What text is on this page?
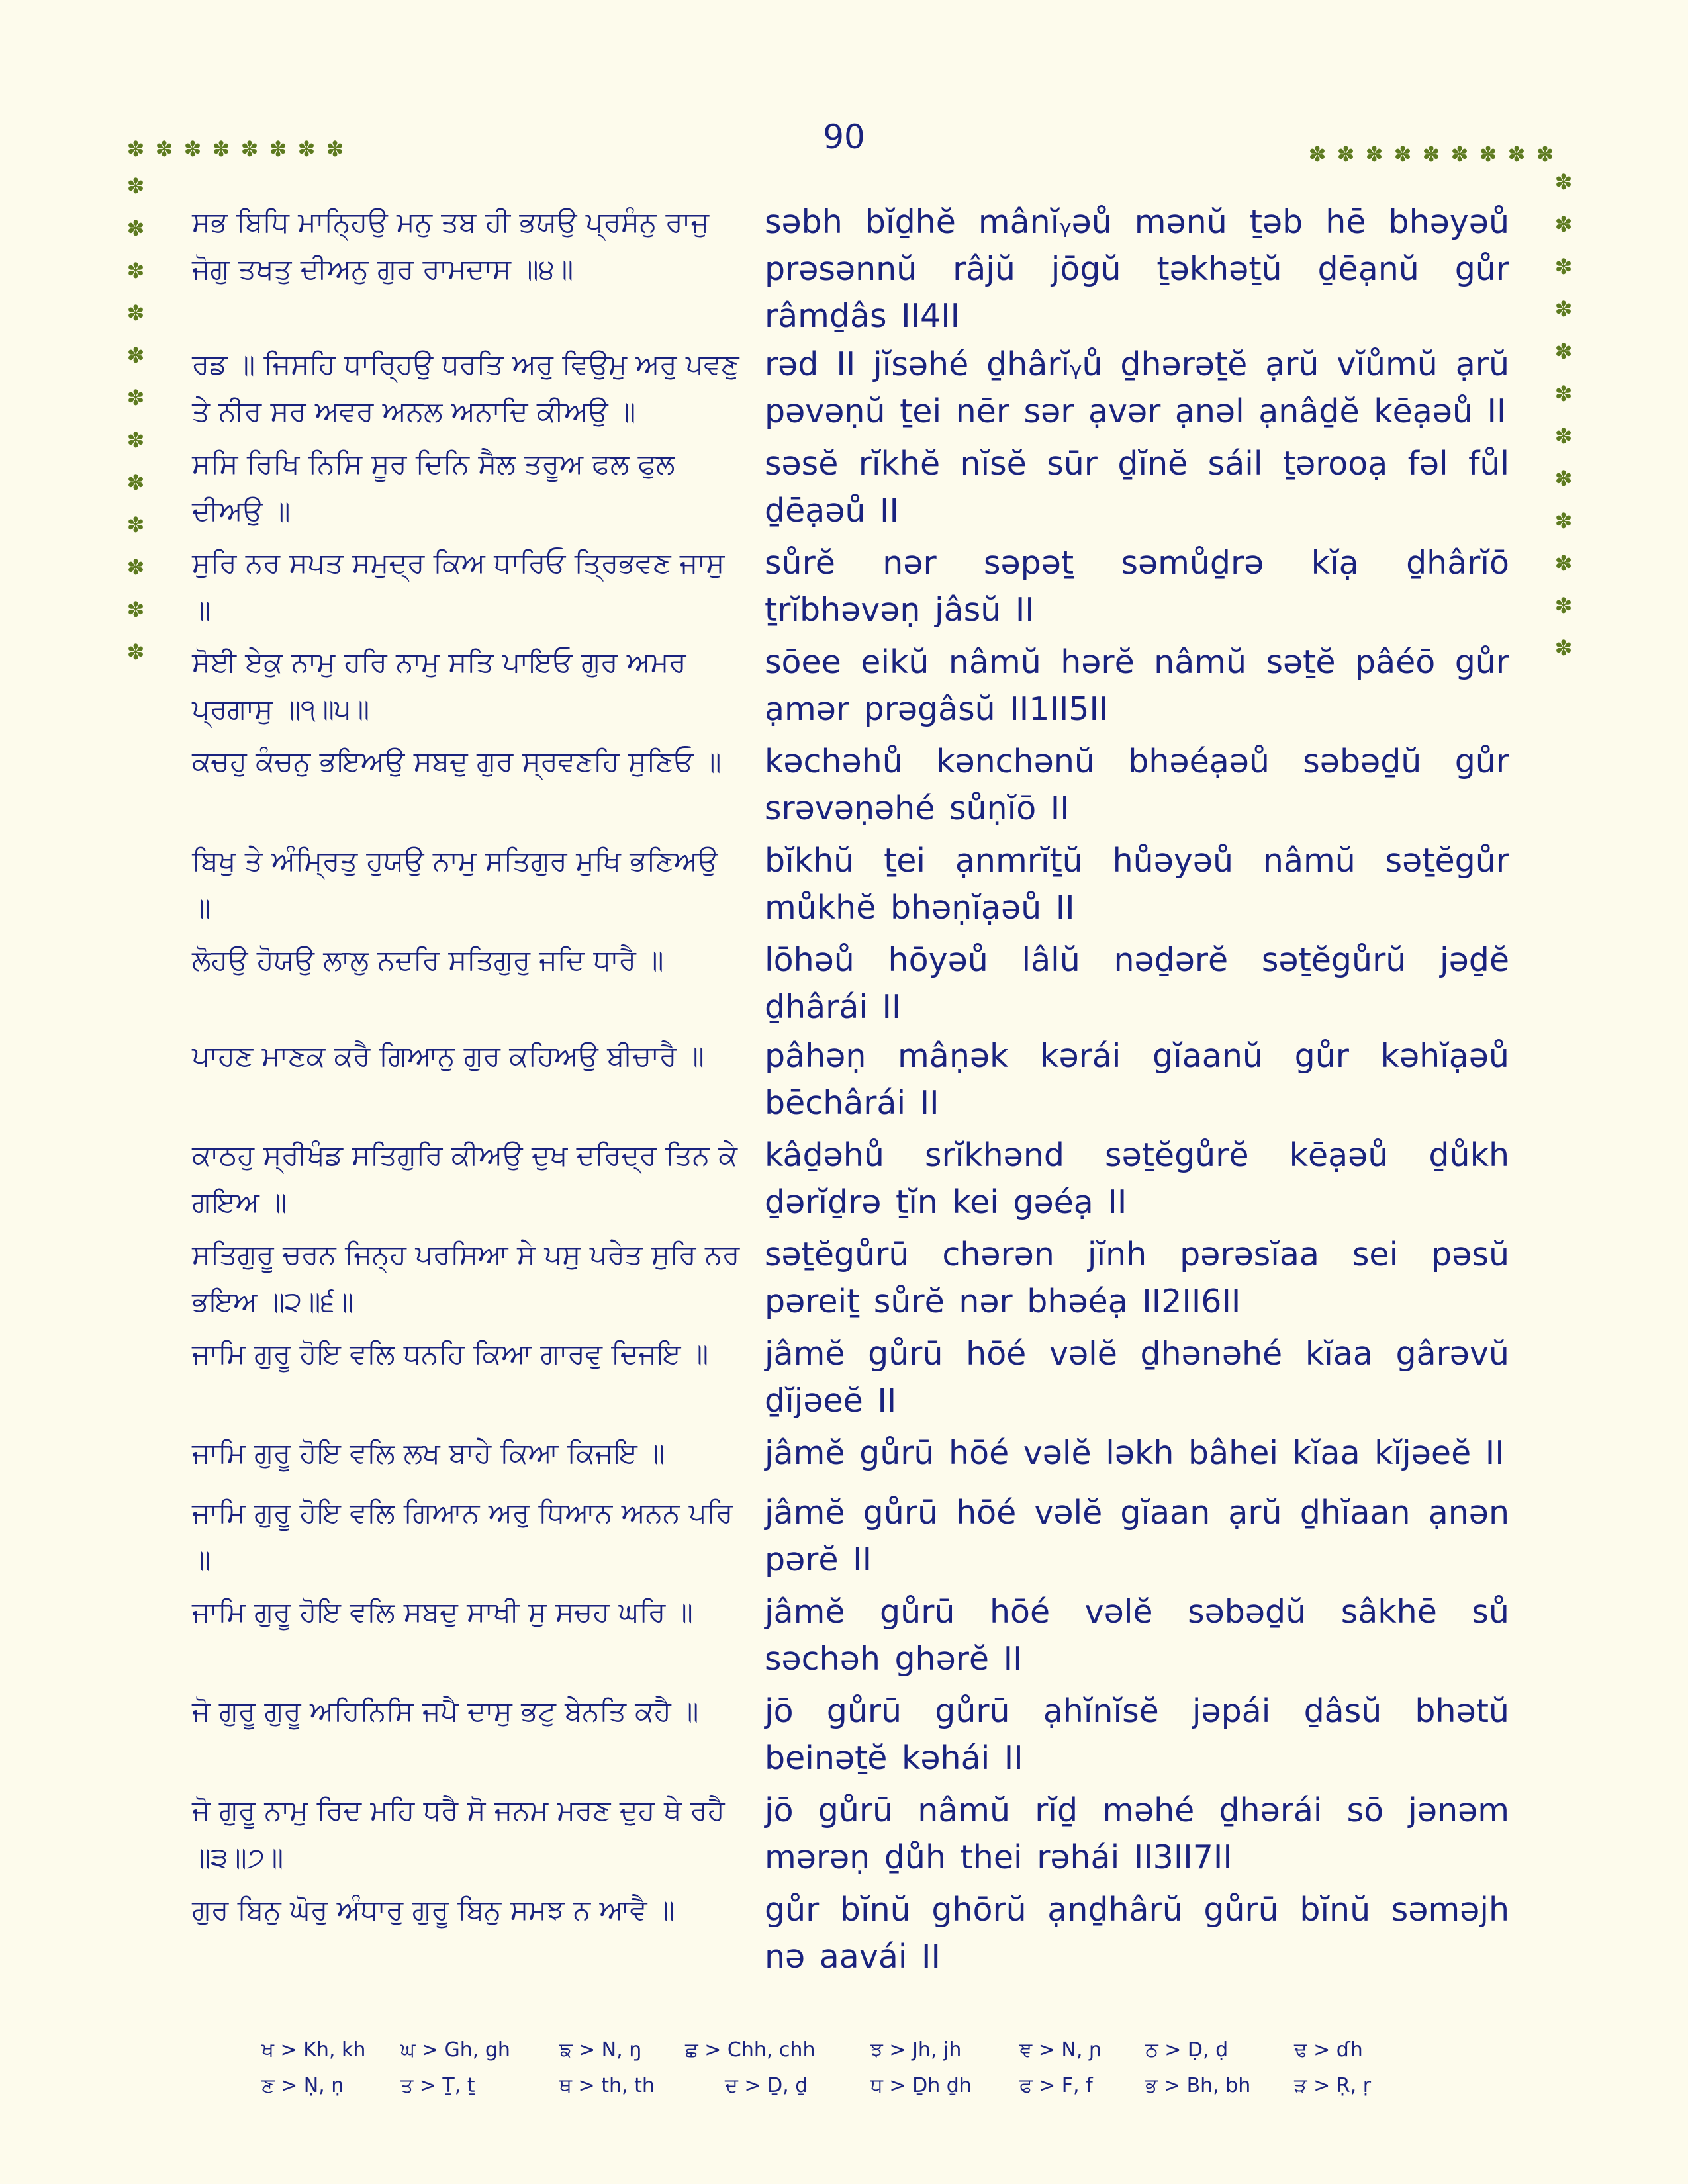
90
✽ ✽ ✽ ✽ ✽ ✽ ✽ ✽	✽ ✽ ✽ ✽ ✽ ✽ ✽ ✽ ✽
✽
✽
✽
✽
✽
✽
✽
✽
✽
✽
✽
✽
✽
✽
✽
✽
✽
✽
✽
✽
✽
✽
✽
✽
ਸਭ ਬਿਧਿ ਮਾਨ੍ਹਿਉ ਮਨੁ ਤਬ ਹੀ ਭਯਉ ਪ੍ਰਸੰਨੁ ਰਾਜੁ ਜੋਗੁ ਤਖਤੁ ਦੀਅਨੁ ਗੁਰ ਰਾਮਦਾਸ ॥੪॥
səbh bĭḏhĕ mânĭᵧəů mənŭ ṯəb hē bhəyəů prəsənnŭ râjŭ jōgŭ ṯəkhəṯŭ ḏēạnŭ gůr râmḏâs II4II
ਰਡ ॥ ਜਿਸਹਿ ਧਾਰ੍ਹਿਉ ਧਰਤਿ ਅਰੁ ਵਿਉਮੁ ਅਰੁ ਪਵਣੁ ਤੇ ਨੀਰ ਸਰ ਅਵਰ ਅਨਲ ਅਨਾਦਿ ਕੀਅਉ ॥
rəd II jĭsəhé ḏhârĭᵧů ḏhərəṯĕ ạrŭ vĭůmŭ ạrŭ pəvəṇŭ ṯei nēr sər ạvər ạnəl ạnâḏĕ kēạəů II
ਸਸਿ ਰਿਖਿ ਨਿਸਿ ਸੂਰ ਦਿਨਿ ਸੈਲ ਤਰੂਅ ਫਲ ਫੁਲ ਦੀਅਉ ॥
səsĕ rĭkhĕ nĭsĕ sūr ḏĭnĕ sáil ṯərooạ fəl fůl ḏēạəů II
ਸੁਰਿ ਨਰ ਸਪਤ ਸਮੁਦ੍ਰ ਕਿਅ ਧਾਰਿਓ ਤ੍ਰਿਭਵਣ ਜਾਸੁ ॥
sůrĕ nər səpəṯ səmůḏrə kĭạ ḏhârĭō ṯrĭbhəvəṇ jâsŭ II
ਸੋਈ ਏਕੁ ਨਾਮੁ ਹਰਿ ਨਾਮੁ ਸਤਿ ਪਾਇਓ ਗੁਰ ਅਮਰ ਪ੍ਰਗਾਸੁ ॥੧॥੫॥
sōee eikŭ nâmŭ hərĕ nâmŭ səṯĕ pâéō gůr ạmər prəgâsŭ II1II5II
ਕਚਹੁ ਕੰਚਨੁ ਭਇਅਉ ਸਬਦੁ ਗੁਰ ਸ੍ਰਵਣਹਿ ਸੁਣਿਓ ॥	kəchəhů kənchənŭ bhəéạəů səbəḏŭ gůr srəvəṇəhé sůṇĭō II
ਬਿਖੁ ਤੇ ਅੰਮ੍ਰਿਤੁ ਹੁਯਉ ਨਾਮੁ ਸਤਿਗੁਰ ਮੁਖਿ ਭਣਿਅਉ ॥
bĭkhŭ ṯei ạnmrĭṯŭ hůəyəů nâmŭ səṯĕgůr můkhĕ bhəṇĭạəů II
ਲੋਹਉ ਹੋਯਉ ਲਾਲੁ ਨਦਰਿ ਸਤਿਗੁਰੁ ਜਦਿ ਧਾਰੈ ॥	lōhəů hōyəů lâlŭ nəḏərĕ səṯĕgůrŭ jəḏĕ ḏhârái II
ਪਾਹਣ ਮਾਣਕ ਕਰੈ ਗਿਆਨੁ ਗੁਰ ਕਹਿਅਉ ਬੀਚਾਰੈ ॥	pâhəṇ mâṇək kərái gĭaanŭ gůr kəhĭạəů bēchârái II
ਕਾਠਹੁ ਸ੍ਰੀਖੰਡ ਸਤਿਗੁਰਿ ਕੀਅਉ ਦੁਖ ਦਰਿਦ੍ਰ ਤਿਨ ਕੇ ਗਇਅ ॥
kâḏəhů srĭkhənd səṯĕgůrĕ kēạəů ḏůkh ḏərĭḏrə ṯĭn kei gəéạ II
ਸਤਿਗੁਰੂ ਚਰਨ ਜਿਨ੍ਹ ਪਰਸਿਆ ਸੇ ਪਸੁ ਪਰੇਤ ਸੁਰਿ ਨਰ ਭਇਅ ॥੨॥੬॥
səṯĕgůrū chərən jĭnh pərəsĭaa sei pəsŭ pəreiṯ sůrĕ nər bhəéạ II2II6II
ਜਾਮਿ ਗੁਰੂ ਹੋਇ ਵਲਿ ਧਨਹਿ ਕਿਆ ਗਾਰਵੁ ਦਿਜਇ ॥	jâmĕ gůrū hōé vəlĕ ḏhənəhé kĭaa gârəvŭ ḏĭjəeĕ II
ਜਾਮਿ ਗੁਰੂ ਹੋਇ ਵਲਿ ਲਖ ਬਾਹੇ ਕਿਆ ਕਿਜਇ ॥	jâmĕ gůrū hōé vəlĕ ləkh bâhei kĭaa kĭjəeĕ II
ਜਾਮਿ ਗੁਰੂ ਹੋਇ ਵਲਿ ਗਿਆਨ ਅਰੁ ਧਿਆਨ ਅਨਨ ਪਰਿ ॥
jâmĕ gůrū hōé vəlĕ gĭaan ạrŭ ḏhĭaan ạnən pərĕ II
ਜਾਮਿ ਗੁਰੂ ਹੋਇ ਵਲਿ ਸਬਦੁ ਸਾਖੀ ਸੁ ਸਚਹ ਘਰਿ ॥	jâmĕ gůrū hōé vəlĕ səbəḏŭ sâkhē sů səchəh ghərĕ II
ਜੋ ਗੁਰੂ ਗੁਰੂ ਅਹਿਨਿਸਿ ਜਪੈ ਦਾਸੁ ਭਟੁ ਬੇਨਤਿ ਕਹੈ ॥	jō gůrū gůrū ạhĭnĭsĕ jəpái ḏâsŭ bhətŭ beinəṯĕ kəhái II
ਜੋ ਗੁਰੂ ਨਾਮੁ ਰਿਦ ਮਹਿ ਧਰੈ ਸੋ ਜਨਮ ਮਰਣ ਦੁਹ ਥੇ ਰਹੈ ॥੩॥੭॥
jō gůrū nâmŭ rĭḏ məhé ḏhərái sō jənəm mərəṇ ḏůh thei rəhái II3II7II
ਗੁਰ ਬਿਨੁ ਘੋਰੁ ਅੰਧਾਰੁ ਗੁਰੂ ਬਿਨੁ ਸਮਝ ਨ ਆਵੈ ॥	gůr bĭnŭ ghōrŭ ạnḏhârŭ gůrū bĭnŭ səməjh nə aavái II
ਖ > Kh, kh ਘ > Gh, gh ਙ > N, ŋ ਛ > Chh, chh	ਝ > Jh, jh	ਞ > N, ɲ ਠ > Ḍ, ḍ	ਢ > ɗh
ਣ > Ṇ, ṇ	ਤ > Ṯ, ṯ	ਥ > th, th	ਦ > Ḏ, ḏ	ਧ > Ḏh ḏh ਫ > F, f	ਭ > Bh, bh ੜ > Ṛ, ṛ
